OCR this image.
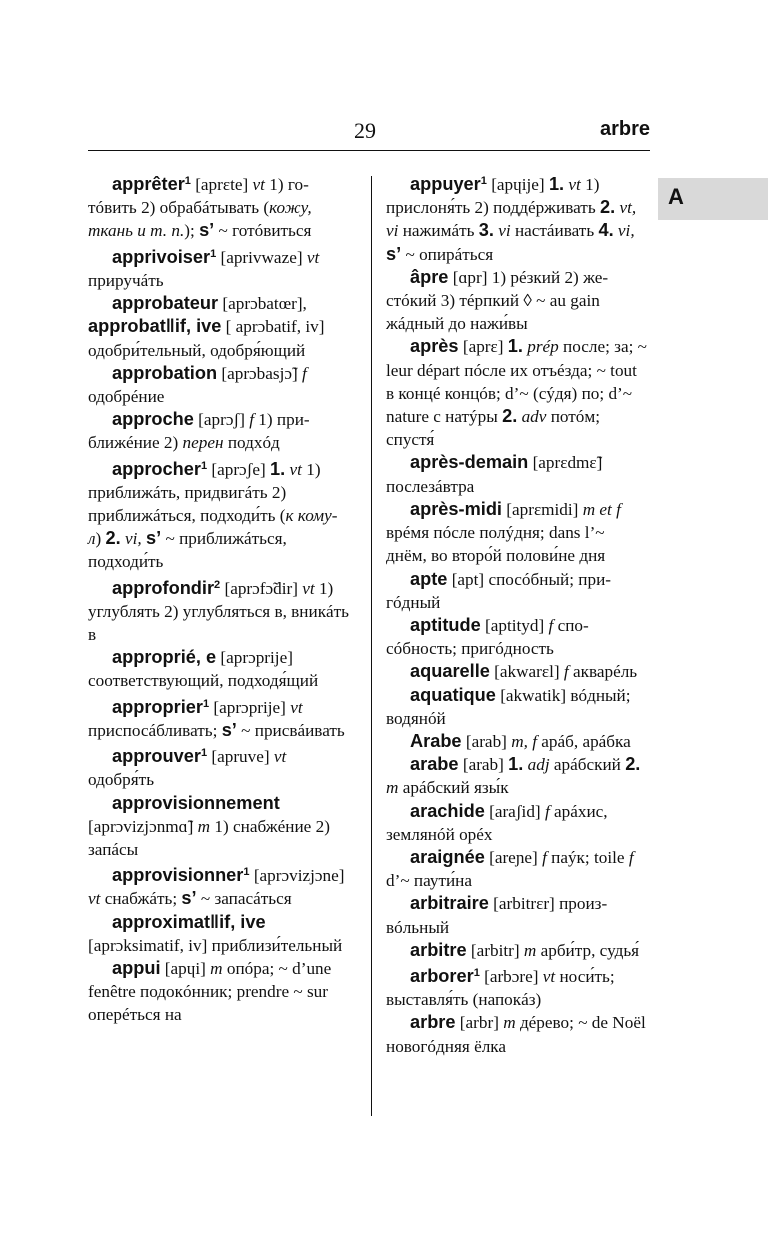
29	arbre
A

apprêter$^1$ [aprɛte] vt 1) готóвить 2) обрабáтывать (кожу, ткань и т. п.); s’ ~ готóвиться

apprivoiser$^1$ [aprivwaze] vt приручáть

approbateur [aprɔbatœr], approbat‖if, ive [ aprɔbatif, iv] одобри́тельный, одобря́ющий

approbation [aprɔbasjɔ̃] f одобрéние

approche [aprɔʃ] f 1) приближéние 2) перен подхóд

approcher$^1$ [aprɔʃe] 1. vt 1) приближáть, придвигáть 2) приближáться, подходи́ть (к кому-л) 2. vi, s’ ~ приближáться, подходи́ть

approfondir$^2$ [aprɔfɔ̃dir] vt 1) углублять 2) углубляться в, вникáть в

approprié, e [aprɔprije] соответствующий, подходя́щий

approprier$^1$ [aprɔprije] vt приспосáбливать; s’ ~ присвáивать

approuver$^1$ [apruve] vt одобря́ть

approvisionnement [aprɔvizjɔnmɑ̃] m 1) снабжéние 2) запáсы

approvisionner$^1$ [aprɔvizjɔne] vt снабжáть; s’ ~ запасáться

approximat‖if, ive [aprɔksimatif, iv] приблизи́тельный

appui [apɥi] m опóра; ~ d’une fenêtre подокóнник; prendre ~ sur оперéться на

appuyer$^1$ [apɥije] 1. vt 1) прислоня́ть 2) поддéрживать 2. vt, vi нажимáть 3. vi настáивать 4. vi, s’ ~ опирáться

âpre [ɑpr] 1) рéзкий 2) жестóкий 3) тéрпкий ◊ ~ au gain жáдный до нажи́вы

après [aprɛ] 1. prép после; за; ~ leur départ пóсле их отъéзда; ~ tout в концé концóв; d’~ (сýдя) по; d’~ nature с натýры 2. adv потóм; спустя́

après-demain [aprɛdmɛ̃] послезáвтра

après-midi [aprɛmidi] m et f врéмя пóсле полýдня; dans l’~ днём, во второ́й полови́не дня

apte [apt] спосóбный; пригóдный

aptitude [aptityd] f спосóбность; пригóдность

aquarelle [akwarɛl] f акварéль

aquatique [akwatik] вóдный; водянóй

Arabe [arab] m, f арáб, арáбка

arabe [arab] 1. adj арáбский 2. m арáбский язы́к

arachide [araʃid] f арáхис, землянóй орéх

araignée [areɲe] f паýк; toile f d’~ паути́на

arbitraire [arbitrɛr] произвóльный

arbitre [arbitr] m арби́тр, судья́

arborer$^1$ [arbɔre] vt носи́ть; выставля́ть (напокáз)

arbre [arbr] m дéрево; ~ de Noël новогóдняя ёлка
